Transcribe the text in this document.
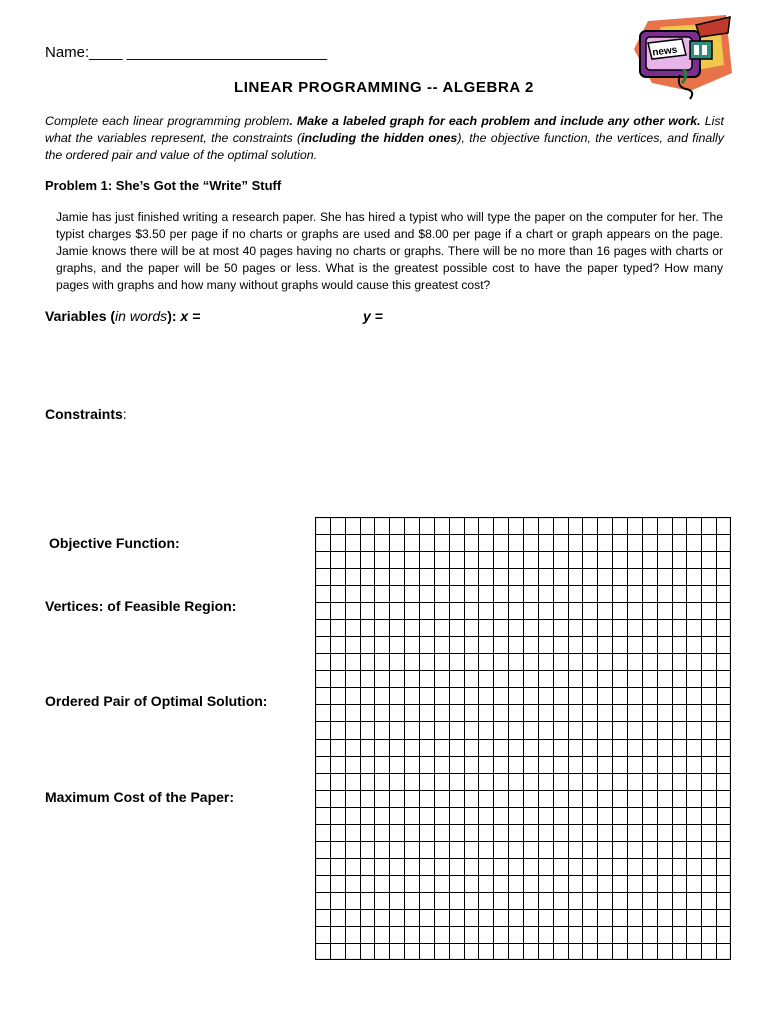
Name:____ ________________________	news
LINEAR PROGRAMMING -- ALGEBRA 2
Complete each linear programming problem. Make a labeled graph for each problem and include any other work. List what the variables represent, the constraints (including the hidden ones), the objective function, the vertices, and finally the ordered pair and value of the optimal solution.
Problem 1: She’s Got the “Write” Stuff
Jamie has just finished writing a research paper. She has hired a typist who will type the paper on the computer for her. The typist charges $3.50 per page if no charts or graphs are used and $8.00 per page if a chart or graph appears on the page. Jamie knows there will be at most 40 pages having no charts or graphs. There will be no more than 16 pages with charts or graphs, and the paper will be 50 pages or less. What is the greatest possible cost to have the paper typed? How many pages with graphs and how many without graphs would cause this greatest cost?
Variables (in words): x =	y =
Constraints:
Objective Function:
Vertices: of Feasible Region:
Ordered Pair of Optimal Solution:
Maximum Cost of the Paper:
